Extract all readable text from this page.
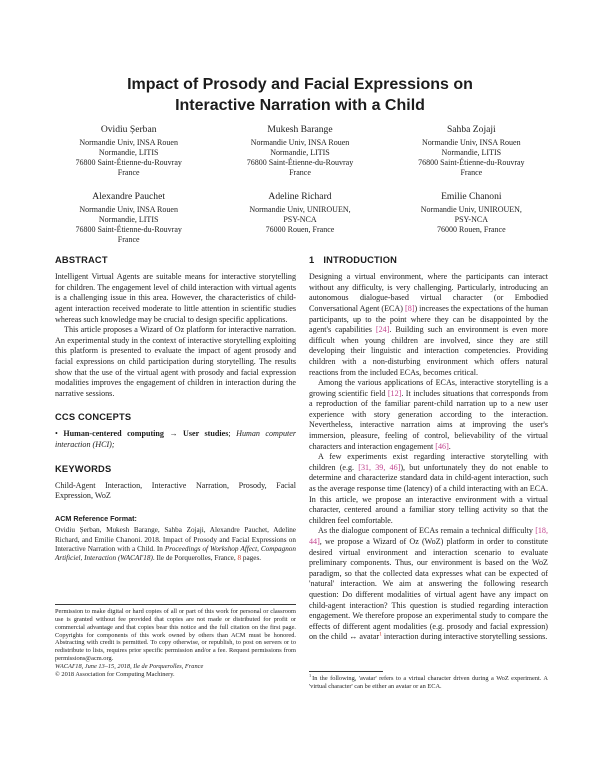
Impact of Prosody and Facial Expressions on Interactive Narration with a Child
Ovidiu Șerban
Normandie Univ, INSA Rouen
Normandie, LITIS
76800 Saint-Étienne-du-Rouvray
France
Mukesh Barange
Normandie Univ, INSA Rouen
Normandie, LITIS
76800 Saint-Étienne-du-Rouvray
France
Sahba Zojaji
Normandie Univ, INSA Rouen
Normandie, LITIS
76800 Saint-Étienne-du-Rouvray
France
Alexandre Pauchet
Normandie Univ, INSA Rouen
Normandie, LITIS
76800 Saint-Étienne-du-Rouvray
France
Adeline Richard
Normandie Univ, UNIROUEN,
PSY-NCA
76000 Rouen, France
Emilie Chanoni
Normandie Univ, UNIROUEN,
PSY-NCA
76000 Rouen, France
ABSTRACT

Intelligent Virtual Agents are suitable means for interactive storytelling for children. The engagement level of child interaction with virtual agents is a challenging issue in this area. However, the characteristics of child-agent interaction received moderate to little attention in scientific studies whereas such knowledge may be crucial to design specific applications.

This article proposes a Wizard of Oz platform for interactive narration. An experimental study in the context of interactive storytelling exploiting this platform is presented to evaluate the impact of agent prosody and facial expressions on child participation during storytelling. The results show that the use of the virtual agent with prosody and facial expression modalities improves the engagement of children in interaction during the narrative sessions.

CCS CONCEPTS

• Human-centered computing → User studies; Human computer interaction (HCI);

KEYWORDS

Child-Agent Interaction, Interactive Narration, Prosody, Facial Expression, WoZ

ACM Reference Format:

Ovidiu Șerban, Mukesh Barange, Sahba Zojaji, Alexandre Pauchet, Adeline Richard, and Emilie Chanoni. 2018. Impact of Prosody and Facial Expressions on Interactive Narration with a Child. In Proceedings of Workshop Affect, Compagnon Artificiel, Interaction (WACAI'18). Ile de Porquerolles, France, 8 pages.

1 INTRODUCTION

Designing a virtual environment, where the participants can interact without any difficulty, is very challenging. Particularly, introducing an autonomous dialogue-based virtual character (or Embodied Conversational Agent (ECA) [8]) increases the expectations of the human participants, up to the point where they can be disappointed by the agent's capabilities [24]. Building such an environment is even more difficult when young children are involved, since they are still developing their linguistic and interaction competencies. Providing children with a non-disturbing environment which offers natural reactions from the included ECAs, becomes critical.

Among the various applications of ECAs, interactive storytelling is a growing scientific field [12]. It includes situations that corresponds from a reproduction of the familiar parent-child narration up to a new user experience with story generation according to the interaction. Nevertheless, interactive narration aims at improving the user's immersion, pleasure, feeling of control, believability of the virtual characters and interaction engagement [46].

A few experiments exist regarding interactive storytelling with children (e.g. [31, 39, 46]), but unfortunately they do not enable to determine and characterize standard data in child-agent interaction, such as the average response time (latency) of a child interacting with an ECA. In this article, we propose an interactive environment with a virtual character, centered around a familiar story telling activity so that the children feel comfortable.

As the dialogue component of ECAs remain a technical difficulty [18, 44], we propose a Wizard of Oz (WoZ) platform in order to constitute desired virtual environment and interaction scenario to evaluate preliminary components. Thus, our environment is based on the WoZ paradigm, so that the collected data expresses what can be expected of 'natural' interaction. We aim at answering the following research question: Do different modalities of virtual agent have any impact on child-agent interaction? This question is studied regarding interaction engagement. We therefore propose an experimental study to compare the effects of different agent modalities (e.g. prosody and facial expression) on the child ↔ avatar$^1$ interaction during interactive storytelling sessions.

Permission to make digital or hard copies of all or part of this work for personal or classroom use is granted without fee provided that copies are not made or distributed for profit or commercial advantage and that copies bear this notice and the full citation on the first page. Copyrights for components of this work owned by others than ACM must be honored. Abstracting with credit is permitted. To copy otherwise, or republish, to post on servers or to redistribute to lists, requires prior specific permission and/or a fee. Request permissions from permissions@acm.org.
WACAI'18, June 13–15, 2018, Ile de Porquerolles, France
© 2018 Association for Computing Machinery.	$^1$In the following, 'avatar' refers to a virtual character driven during a WoZ experiment. A 'virtual character' can be either an avatar or an ECA.
